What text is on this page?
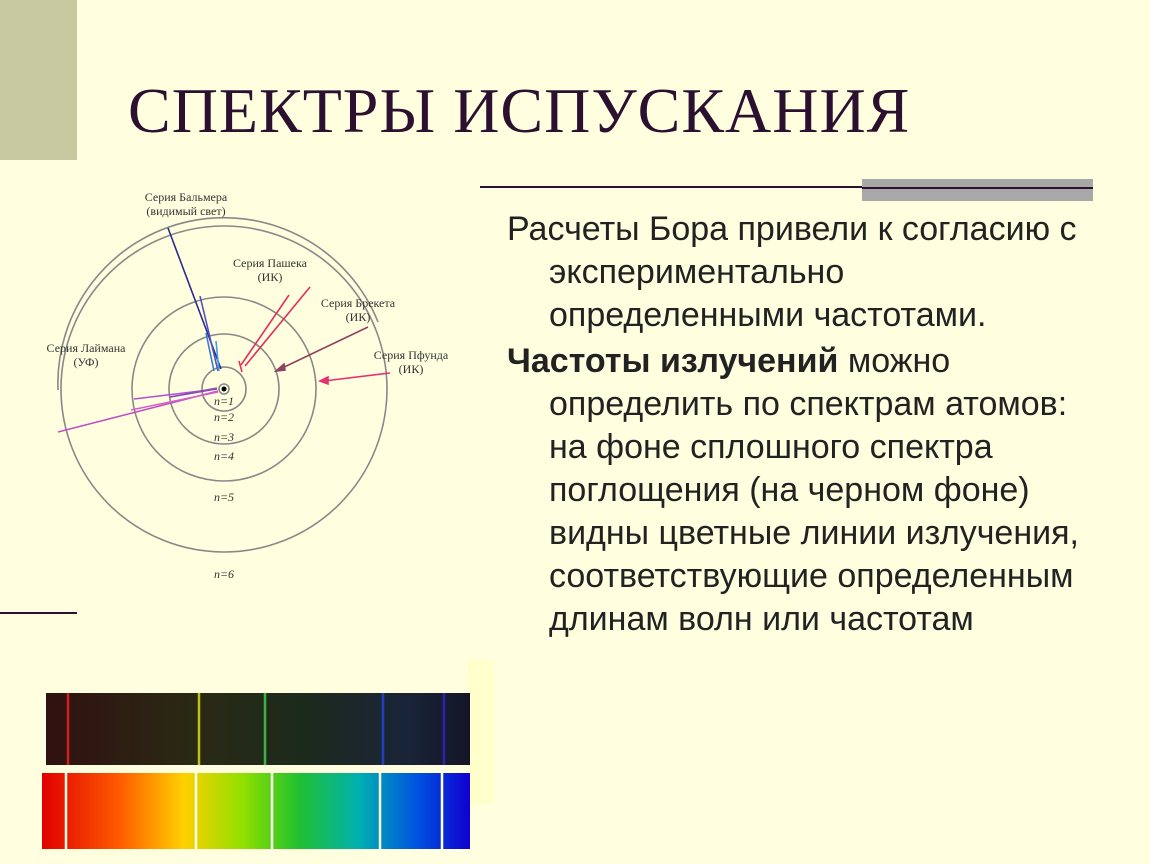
СПЕКТРЫ ИСПУСКАНИЯ
Серия Бальмера
(видимый свет)
Серия Пашека
(ИК)
Серия Брекета
(ИК)
Серия Пфунда
(ИК)
Серия Лаймана
(УФ)
n=1
n=2
n=3
n=4
n=5
n=6

Расчеты Бора привели к согласию с экспериментально определенными частотами.

Частоты излучений можно определить по спектрам атомов: на фоне сплошного спектра поглощения (на черном фоне) видны цветные линии излучения, соответствующие определенным длинам волн или частотам
